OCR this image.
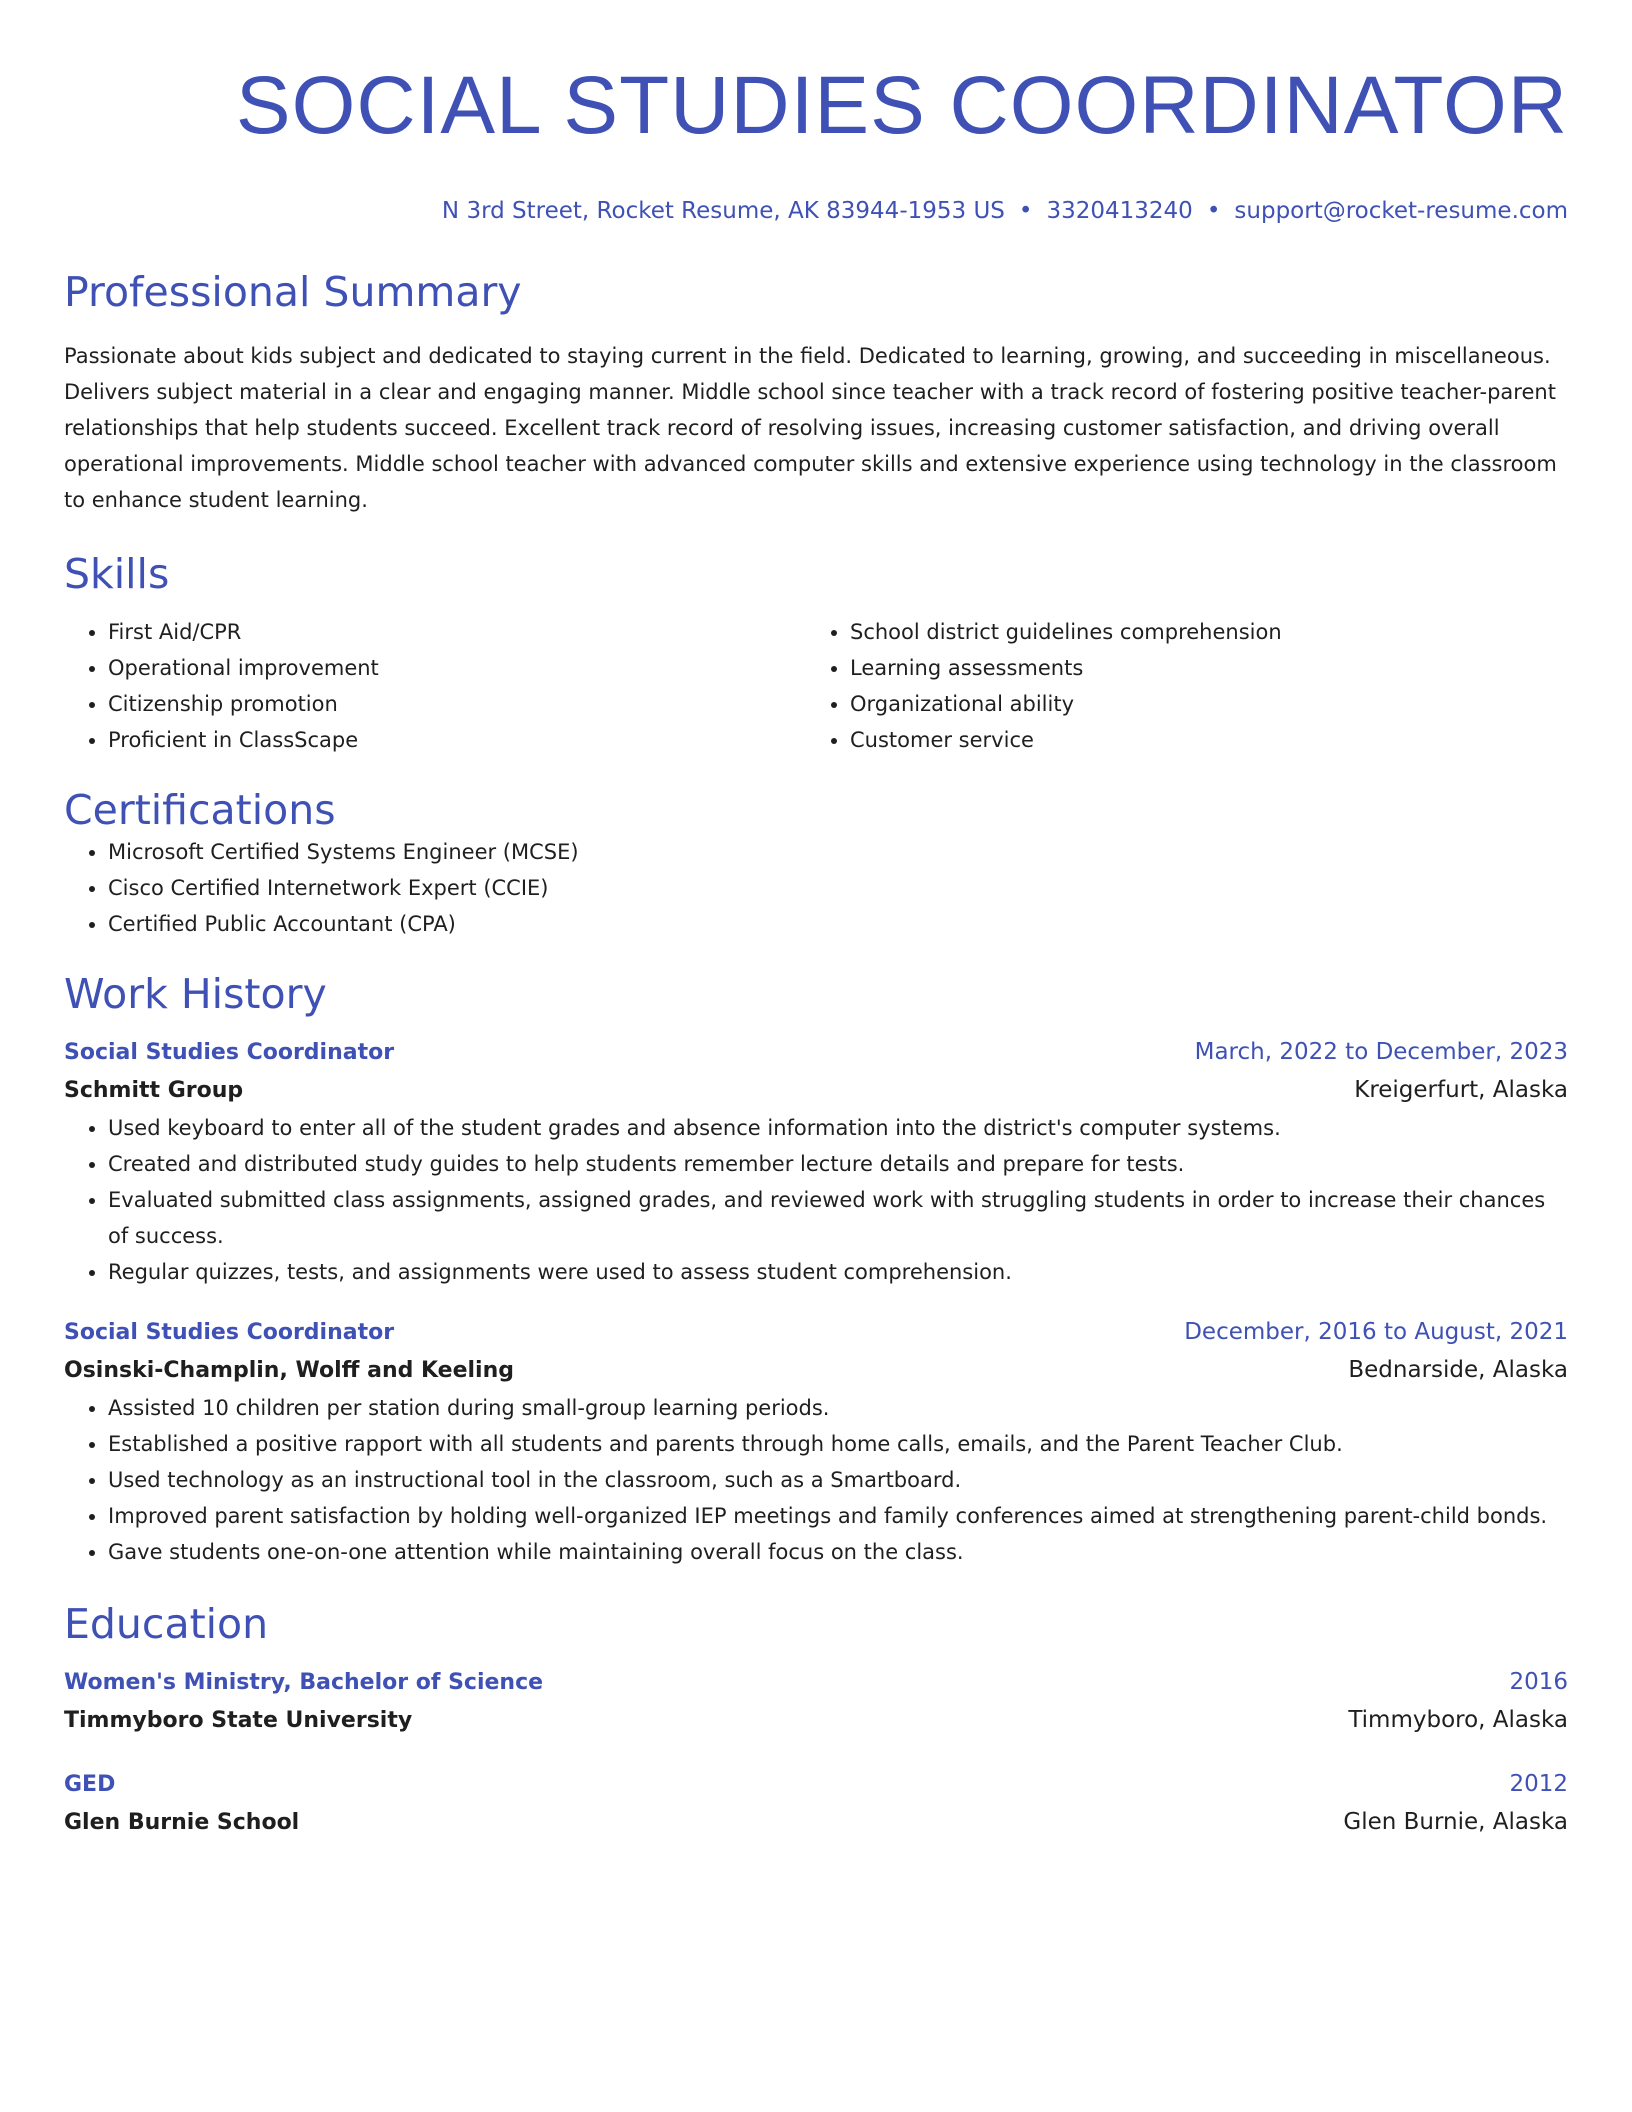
SOCIAL STUDIES COORDINATOR
N 3rd Street, Rocket Resume, AK 83944-1953 US • 3320413240 • support@rocket-resume.com
Professional Summary
Passionate about kids subject and dedicated to staying current in the field. Dedicated to learning, growing, and succeeding in miscellaneous. Delivers subject material in a clear and engaging manner. Middle school since teacher with a track record of fostering positive teacher-parent relationships that help students succeed. Excellent track record of resolving issues, increasing customer satisfaction, and driving overall operational improvements. Middle school teacher with advanced computer skills and extensive experience using technology in the classroom to enhance student learning.
Skills
• First Aid/CPR
• Operational improvement
• Citizenship promotion
• Proficient in ClassScape
• School district guidelines comprehension
• Learning assessments
• Organizational ability
• Customer service
Certifications
• Microsoft Certified Systems Engineer (MCSE)
• Cisco Certified Internetwork Expert (CCIE)
• Certified Public Accountant (CPA)
Work History
Social Studies Coordinator	March, 2022 to December, 2023
Schmitt Group	Kreigerfurt, Alaska
• Used keyboard to enter all of the student grades and absence information into the district's computer systems.
• Created and distributed study guides to help students remember lecture details and prepare for tests.
• Evaluated submitted class assignments, assigned grades, and reviewed work with struggling students in order to increase their chances of success.
• Regular quizzes, tests, and assignments were used to assess student comprehension.
Social Studies Coordinator	December, 2016 to August, 2021
Osinski-Champlin, Wolff and Keeling	Bednarside, Alaska
• Assisted 10 children per station during small-group learning periods.
• Established a positive rapport with all students and parents through home calls, emails, and the Parent Teacher Club.
• Used technology as an instructional tool in the classroom, such as a Smartboard.
• Improved parent satisfaction by holding well-organized IEP meetings and family conferences aimed at strengthening parent-child bonds.
• Gave students one-on-one attention while maintaining overall focus on the class.
Education
Women's Ministry, Bachelor of Science	2016
Timmyboro State University	Timmyboro, Alaska
GED	2012
Glen Burnie School	Glen Burnie, Alaska
